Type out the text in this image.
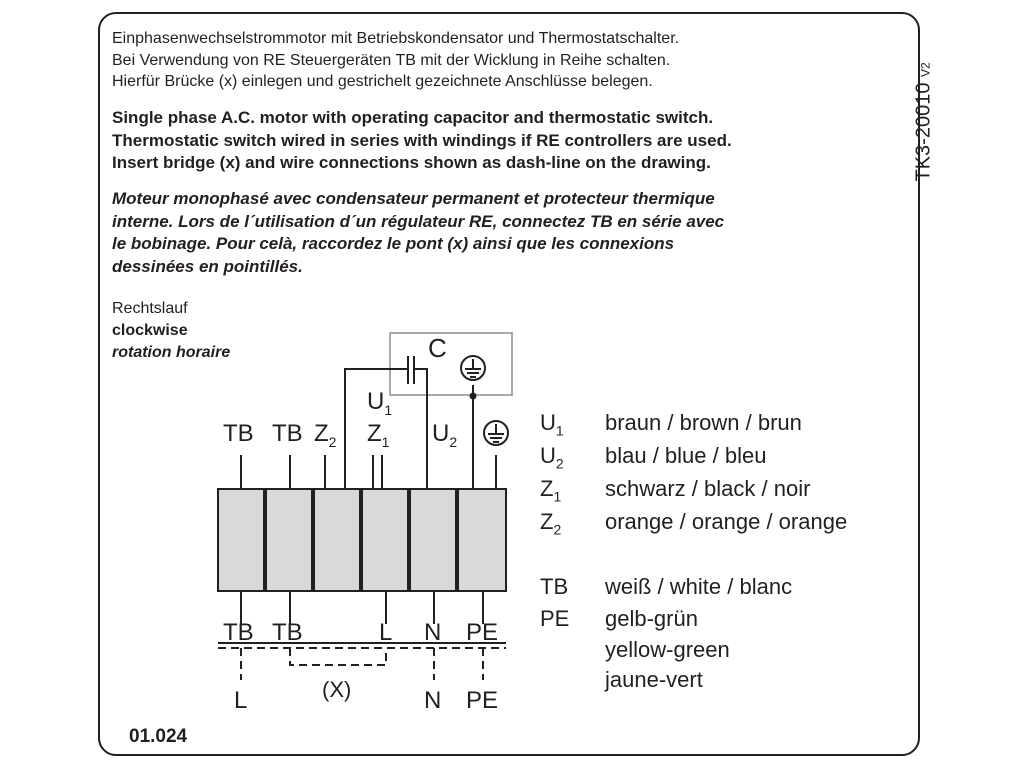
Einphasenwechselstrommotor mit Betriebskondensator und Thermostatschalter.
Bei Verwendung von RE Steuergeräten TB mit der Wicklung in Reihe schalten.
Hierfür Brücke (x) einlegen und gestrichelt gezeichnete Anschlüsse belegen.
Single phase A.C. motor with operating capacitor and thermostatic switch.
Thermostatic switch wired in series with windings if RE controllers are used.
Insert bridge (x) and wire connections shown as dash-line on the drawing.
Moteur monophasé avec condensateur permanent et protecteur thermique
interne. Lors de l´utilisation d´un régulateur RE, connectez TB en série avec
le bobinage. Pour celà, raccordez le pont (x) ainsi que les connexions
dessinées en pointillés.
Rechtslauf
clockwise
rotation horaire
TK3-20010 V2
01.024
C
$U_1$
TB TB $Z_2$ $Z_1$ $U_2$
TB TB	L N PE
L	(X)	N PE
$U_1$ braun / brown / brun
$U_2$ blau / blue / bleu
$Z_1$ schwarz / black / noir
$Z_2$ orange / orange / orange
TB weiß / white / blanc
PE gelb-grün
yellow-green
jaune-vert
